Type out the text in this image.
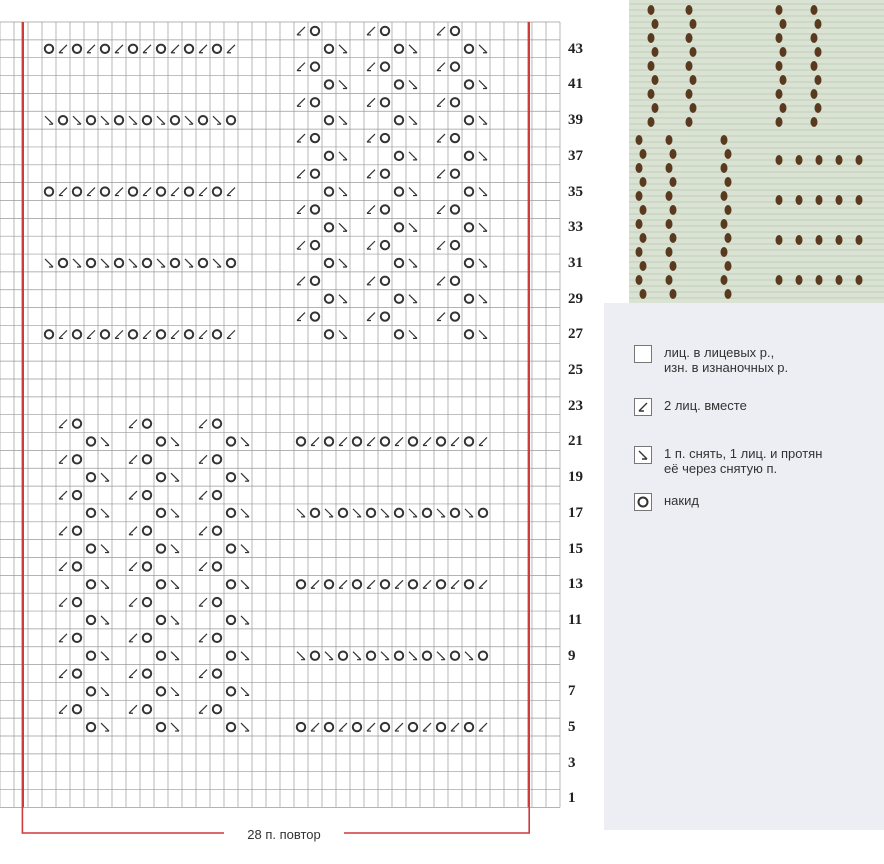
43
41
39
37
35
33
31
29
27
25
23
21
19
17
15
13
11
9
7
5
3
1
28 п. повтор
лиц. в лицевых р.,
изн. в изнаночных р.
2 лиц. вместе
1 п. снять, 1 лиц. и протян
её через снятую п.
накид
